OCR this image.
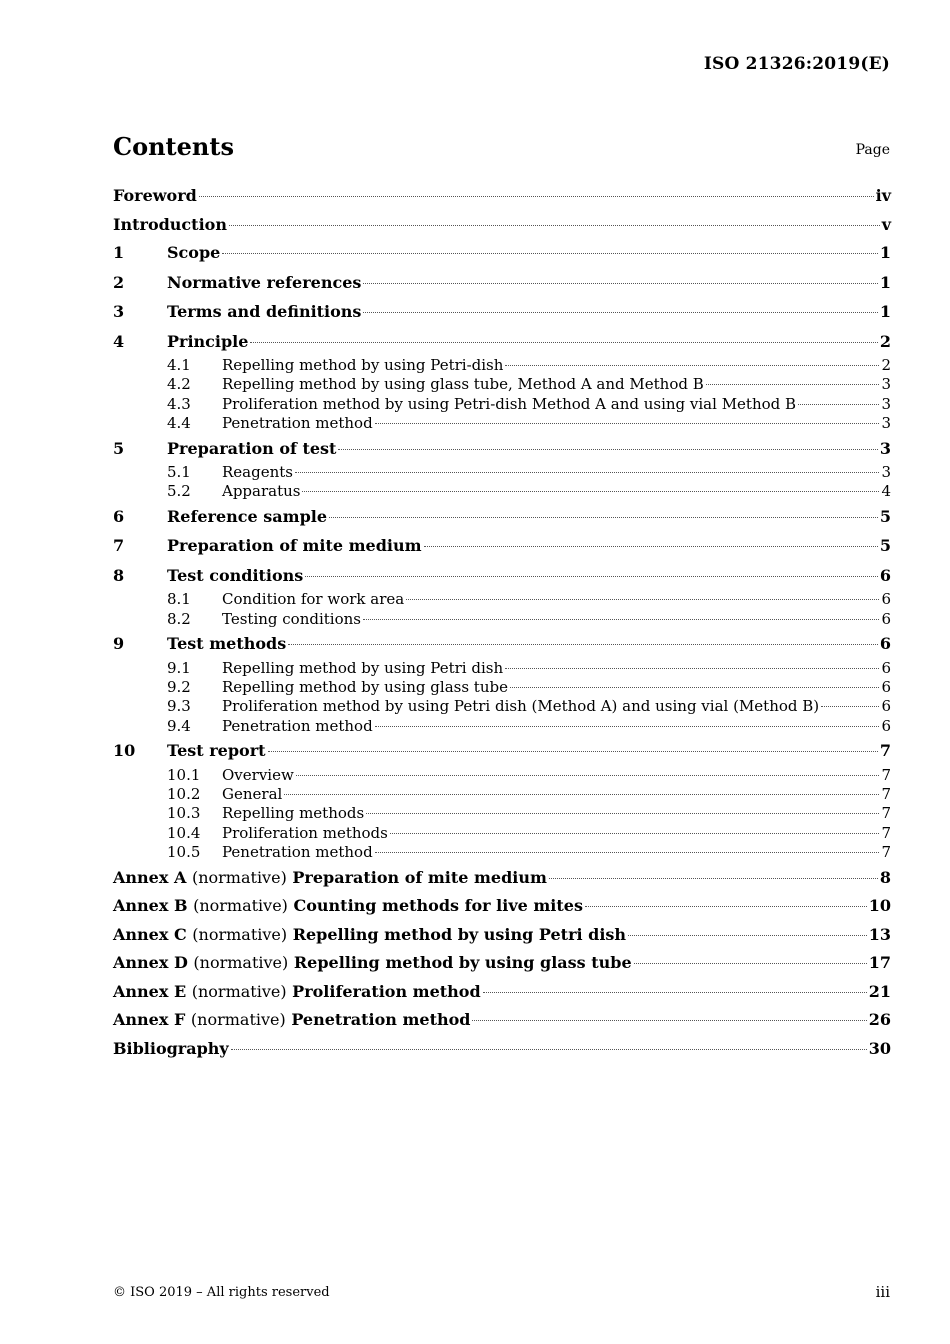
ISO 21326:2019(E)
Contents	Page
Foreword	iv
Introduction	v
1	Scope	1
2	Normative references	1
3	Terms and definitions	1
4	Principle	2
4.1	Repelling method by using Petri-dish	2
4.2	Repelling method by using glass tube, Method A and Method B	3
4.3	Proliferation method by using Petri-dish Method A and using vial Method B	3
4.4	Penetration method	3
5	Preparation of test	3
5.1	Reagents	3
5.2	Apparatus	4
6	Reference sample	5
7	Preparation of mite medium	5
8	Test conditions	6
8.1	Condition for work area	6
8.2	Testing conditions	6
9	Test methods	6
9.1	Repelling method by using Petri dish	6
9.2	Repelling method by using glass tube	6
9.3	Proliferation method by using Petri dish (Method A) and using vial (Method B)	6
9.4	Penetration method	6
10	Test report	7
10.1	Overview	7
10.2	General	7
10.3	Repelling methods	7
10.4	Proliferation methods	7
10.5	Penetration method	7
Annex A (normative) Preparation of mite medium	8
Annex B (normative) Counting methods for live mites	10
Annex C (normative) Repelling method by using Petri dish	13
Annex D (normative) Repelling method by using glass tube	17
Annex E (normative) Proliferation method	21
Annex F (normative) Penetration method	26
Bibliography	30
© ISO 2019 – All rights reserved	iii
